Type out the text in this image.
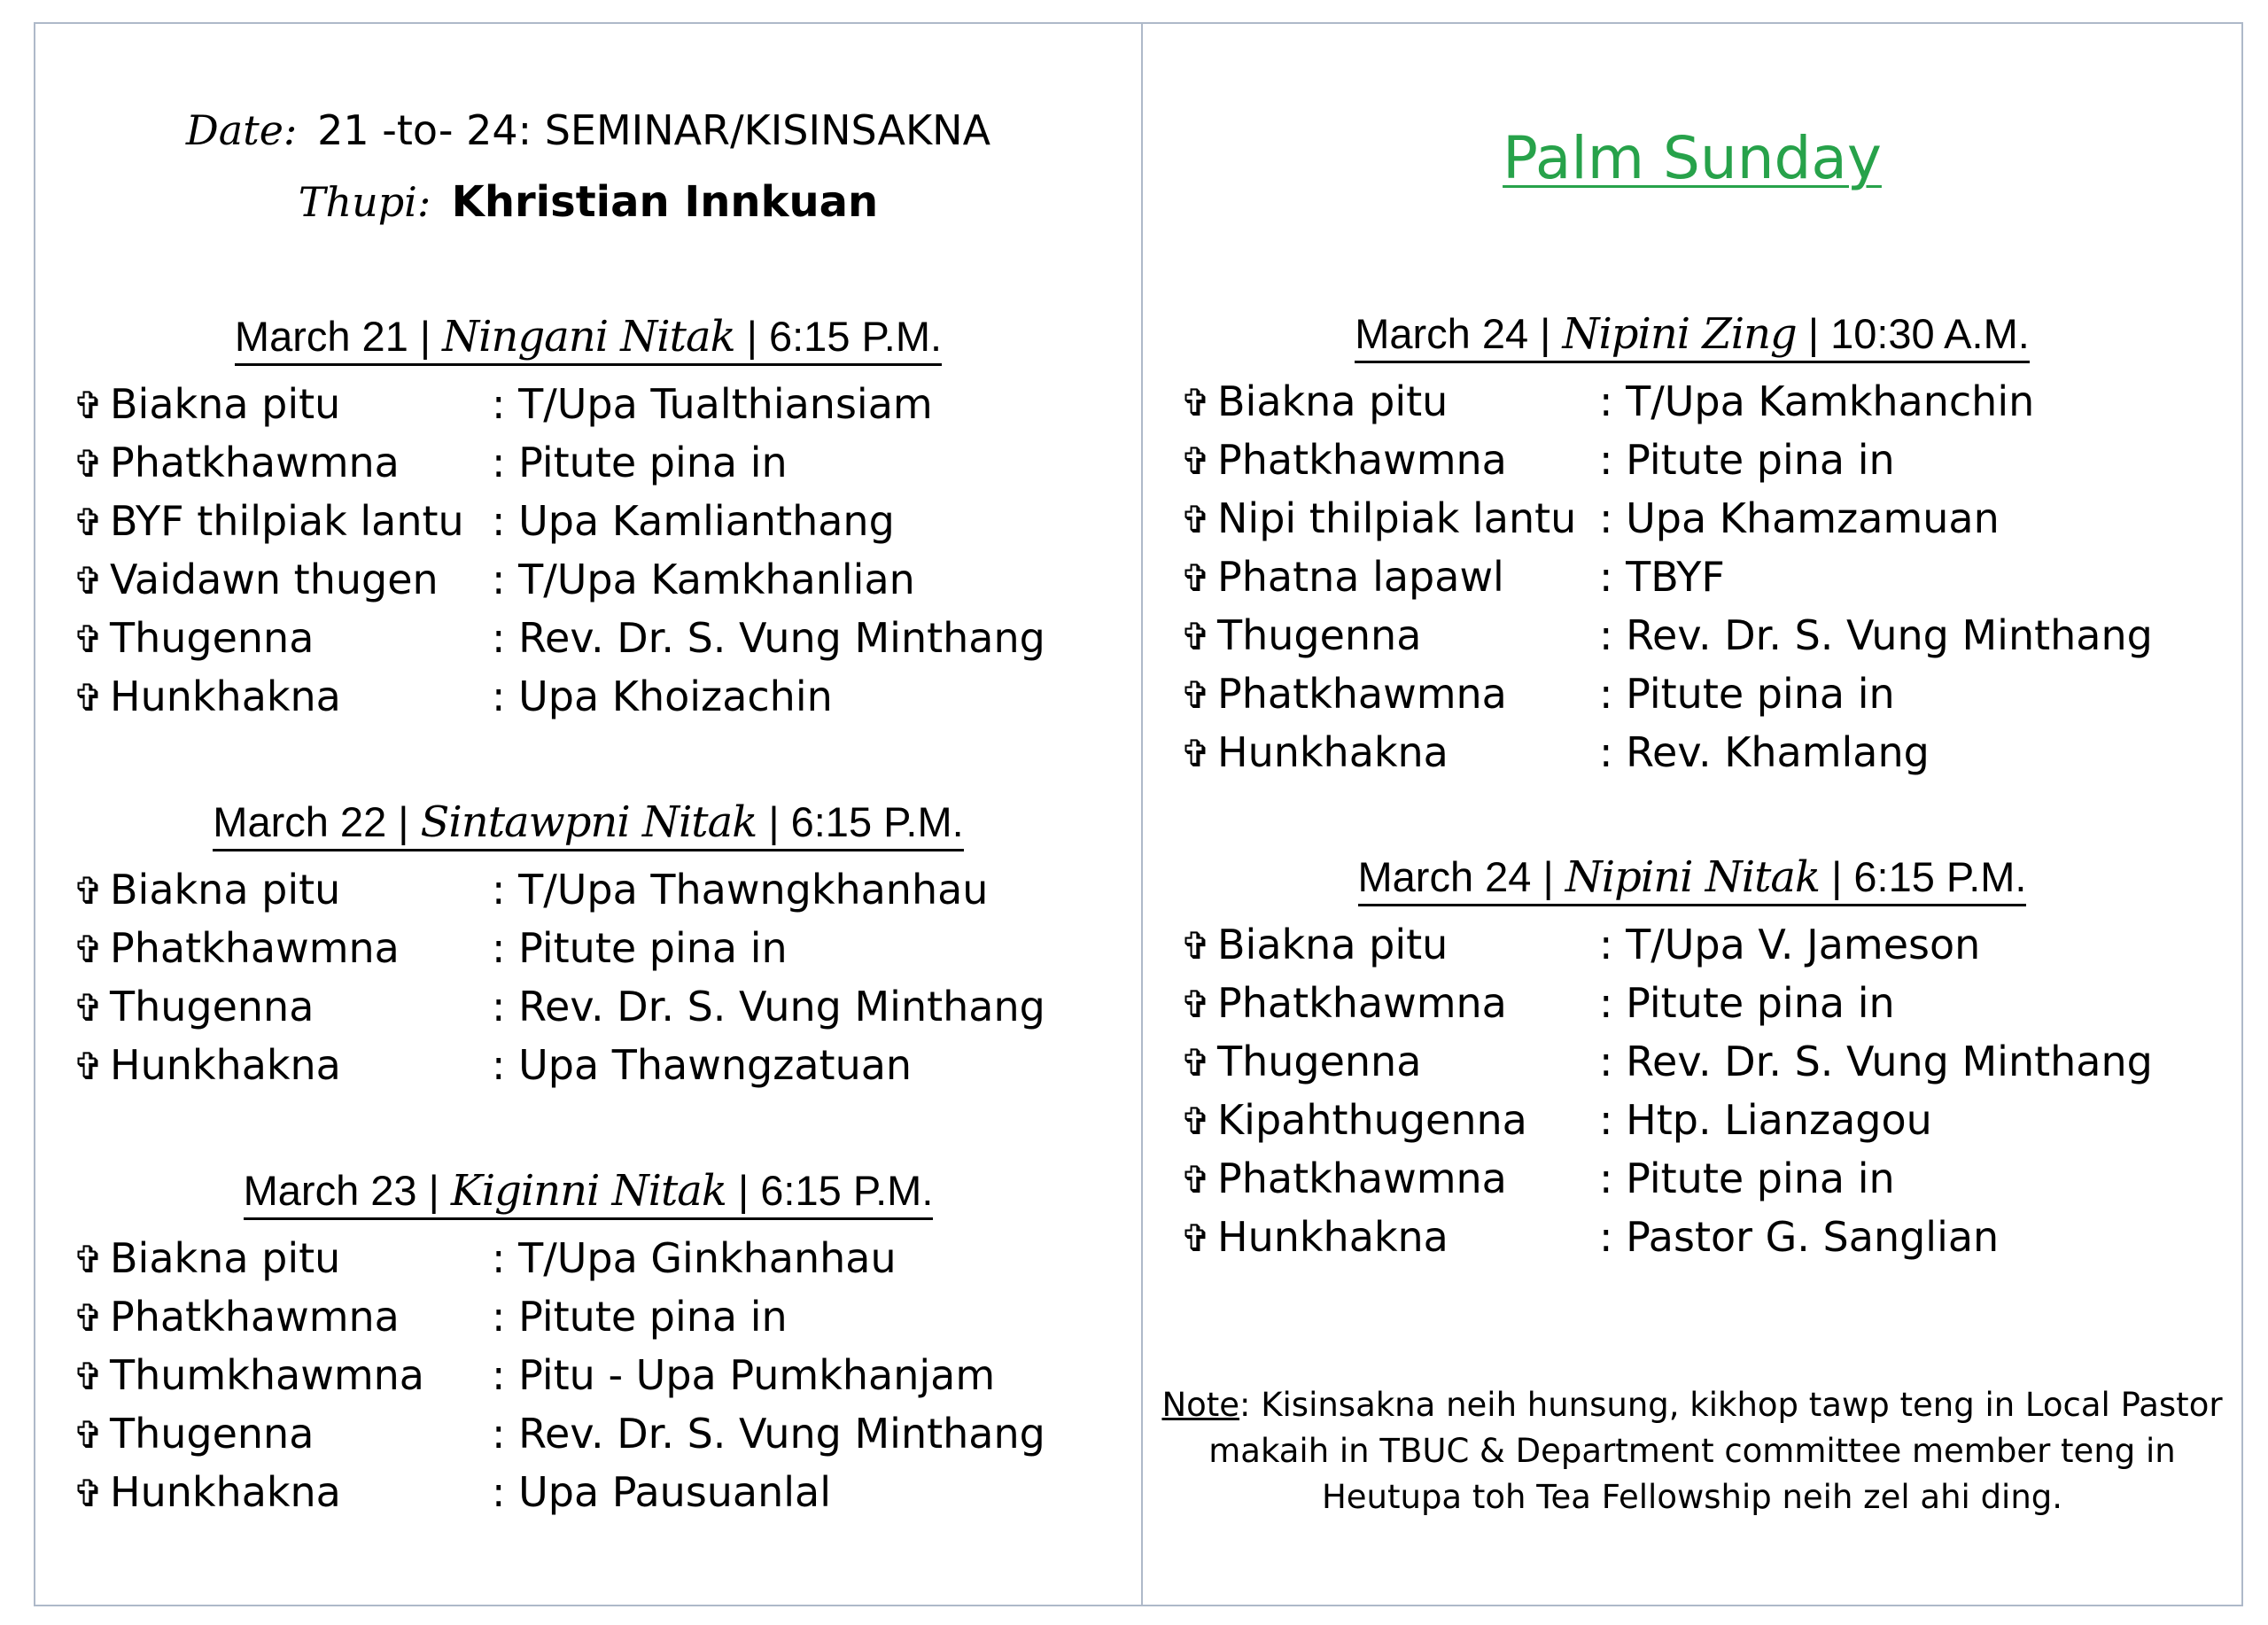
Date: 21 -to- 24: SEMINAR/KISINSAKNA
Thupi: Khristian Innkuan
March 21 | Ningani Nitak | 6:15 P.M.
✞ Biakna pitu	: T/Upa Tualthiansiam
✞ Phatkhawmna : Pitute pina in
✞ BYF thilpiak lantu : Upa Kamlianthang
✞ Vaidawn thugen : T/Upa Kamkhanlian
✞ Thugenna	: Rev. Dr. S. Vung Minthang
✞ Hunkhakna	: Upa Khoizachin
March 22 | Sintawpni Nitak | 6:15 P.M.
✞ Biakna pitu	: T/Upa Thawngkhanhau
✞ Phatkhawmna : Pitute pina in
✞ Thugenna	: Rev. Dr. S. Vung Minthang
✞ Hunkhakna	: Upa Thawngzatuan
March 23 | Kiginni Nitak | 6:15 P.M.
✞ Biakna pitu	: T/Upa Ginkhanhau
✞ Phatkhawmna : Pitute pina in
✞ Thumkhawmna : Pitu - Upa Pumkhanjam
✞ Thugenna	: Rev. Dr. S. Vung Minthang
✞ Hunkhakna	: Upa Pausuanlal
Palm Sunday
March 24 | Nipini Zing | 10:30 A.M.
✞ Biakna pitu	: T/Upa Kamkhanchin
✞ Phatkhawmna : Pitute pina in
✞ Nipi thilpiak lantu : Upa Khamzamuan
✞ Phatna lapawl : TBYF
✞ Thugenna	: Rev. Dr. S. Vung Minthang
✞ Phatkhawmna : Pitute pina in
✞ Hunkhakna	: Rev. Khamlang
March 24 | Nipini Nitak | 6:15 P.M.
✞ Biakna pitu	: T/Upa V. Jameson
✞ Phatkhawmna : Pitute pina in
✞ Thugenna	: Rev. Dr. S. Vung Minthang
✞ Kipahthugenna : Htp. Lianzagou
✞ Phatkhawmna : Pitute pina in
✞ Hunkhakna	: Pastor G. Sanglian
Note: Kisinsakna neih hunsung, kikhop tawp teng in Local Pastor makaih in TBUC & Department committee member teng in Heutupa toh Tea Fellowship neih zel ahi ding.
